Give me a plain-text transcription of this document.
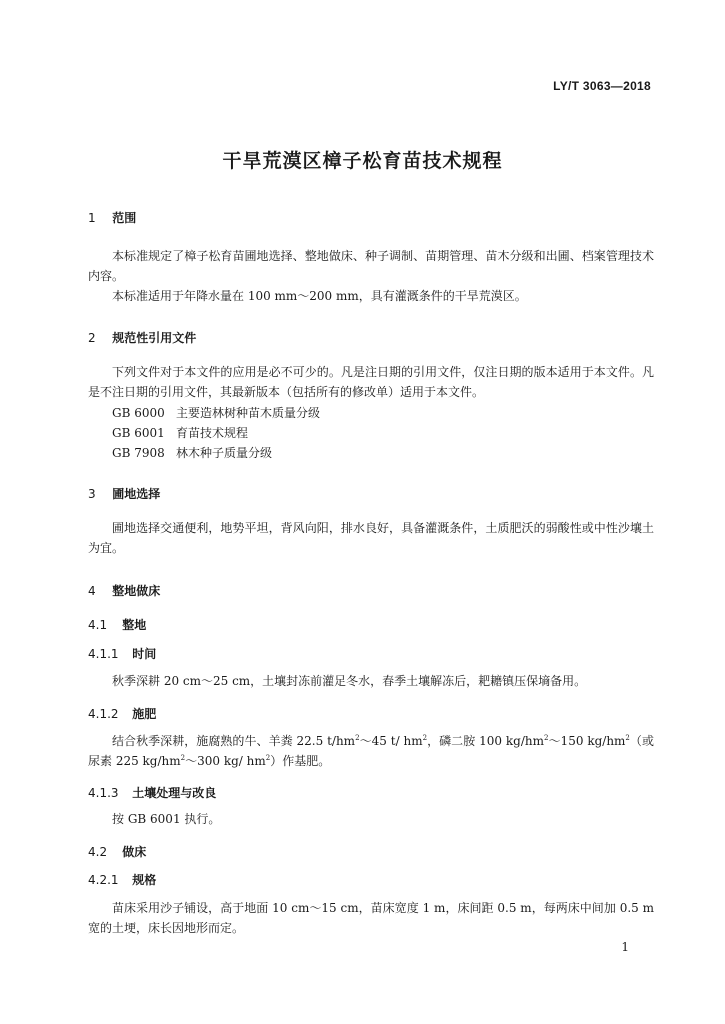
LY/T 3063—2018
干旱荒漠区樟子松育苗技术规程
1 范围
本标准规定了樟子松育苗圃地选择、整地做床、种子调制、苗期管理、苗木分级和出圃、档案管理技术内容。
本标准适用于年降水量在 100 mm～200 mm，具有灌溉条件的干旱荒漠区。
2 规范性引用文件
下列文件对于本文件的应用是必不可少的。凡是注日期的引用文件，仅注日期的版本适用于本文件。凡是不注日期的引用文件，其最新版本（包括所有的修改单）适用于本文件。
GB 6000 主要造林树种苗木质量分级
GB 6001 育苗技术规程
GB 7908 林木种子质量分级
3 圃地选择
圃地选择交通便利，地势平坦，背风向阳，排水良好，具备灌溉条件，土质肥沃的弱酸性或中性沙壤土为宜。
4 整地做床
4.1 整地
4.1.1 时间
秋季深耕 20 cm～25 cm，土壤封冻前灌足冬水，春季土壤解冻后，耙耱镇压保墒备用。
4.1.2 施肥
结合秋季深耕，施腐熟的牛、羊粪 22.5 $t/hm^2\sim 45$ t/ $hm^2$，磷二胺 100 $kg/hm^2\sim 150$ $kg/hm^2$（或尿素 225 $kg/hm^2\sim 300$ kg/ $hm^2$）作基肥。
4.1.3 土壤处理与改良
按 GB 6001 执行。
4.2 做床
4.2.1 规格
苗床采用沙子铺设，高于地面 10 cm～15 cm，苗床宽度 1 m，床间距 0.5 m，每两床中间加 0.5 m 宽的土埂，床长因地形而定。
1
